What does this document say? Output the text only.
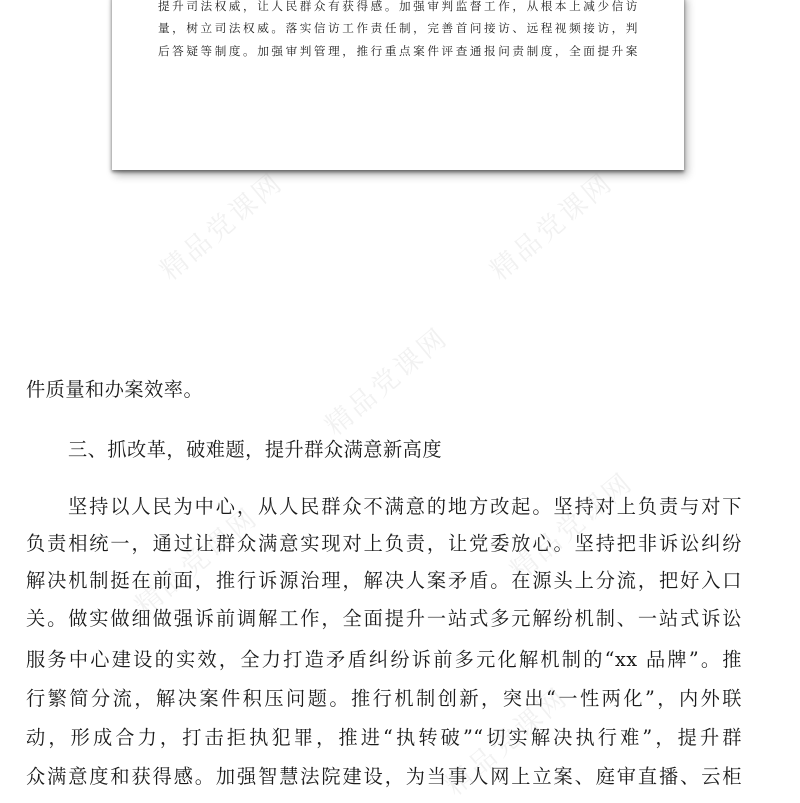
提升司法权威，让人民群众有获得感。加强审判监督工作，从根本上减少信访
量，树立司法权威。落实信访工作责任制，完善首问接访、远程视频接访，判
后答疑等制度。加强审判管理，推行重点案件评查通报问责制度，全面提升案
件质量和办案效率。
三、抓改革，破难题，提升群众满意新高度
坚持以人民为中心，从人民群众不满意的地方改起。坚持对上负责与对下
负责相统一，通过让群众满意实现对上负责，让党委放心。坚持把非诉讼纠纷
解决机制挺在前面，推行诉源治理，解决人案矛盾。在源头上分流，把好入口
关。做实做细做强诉前调解工作，全面提升一站式多元解纷机制、一站式诉讼
服务中心建设的实效，全力打造矛盾纠纷诉前多元化解机制的“xx 品牌”。推
行繁简分流，解决案件积压问题。推行机制创新，突出“一性两化”，内外联
动，形成合力，打击拒执犯罪，推进“执转破”“切实解决执行难”，提升群
众满意度和获得感。加强智慧法院建设，为当事人网上立案、庭审直播、云柜
精品党课网	精品党课网
精品党课网
精品党课网
精品党课网
精品党课网
